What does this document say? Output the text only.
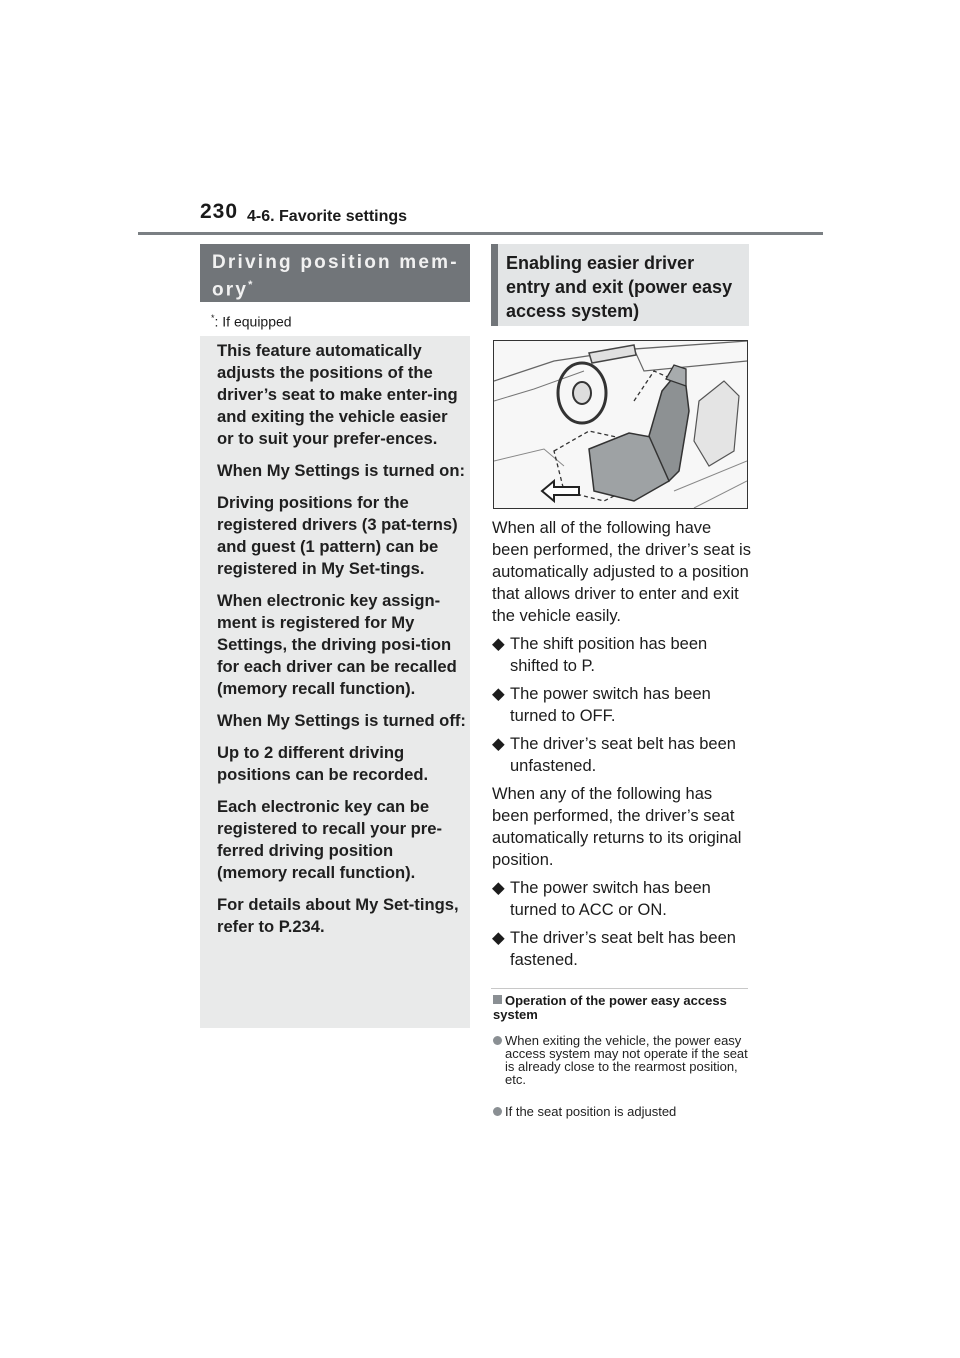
230 4-6. Favorite settings
Driving position mem-
ory*
*: If equipped

This feature automatically adjusts the positions of the driver’s seat to make enter-ing and exiting the vehicle easier or to suit your prefer-ences.

When My Settings is turned on:

Driving positions for the registered drivers (3 pat-terns) and guest (1 pattern) can be registered in My Set-tings.

When electronic key assign-ment is registered for My Settings, the driving posi-tion for each driver can be recalled (memory recall function).

When My Settings is turned off:

Up to 2 different driving positions can be recorded.

Each electronic key can be registered to recall your pre-ferred driving position (memory recall function).

For details about My Set-tings, refer to P.234.

Enabling easier driver
entry and exit (power easy
access system)
When all of the following have been performed, the driver’s seat is automatically adjusted to a position that allows driver to enter and exit the vehicle easily.
◆ The shift position has been shifted to P.
◆ The power switch has been turned to OFF.
◆ The driver’s seat belt has been unfastened.
When any of the following has been performed, the driver’s seat automatically returns to its original position.
◆ The power switch has been turned to ACC or ON.
◆ The driver’s seat belt has been fastened.
Operation of the power easy access system
When exiting the vehicle, the power easy access system may not operate if the seat is already close to the rearmost position, etc.
If the seat position is adjusted
